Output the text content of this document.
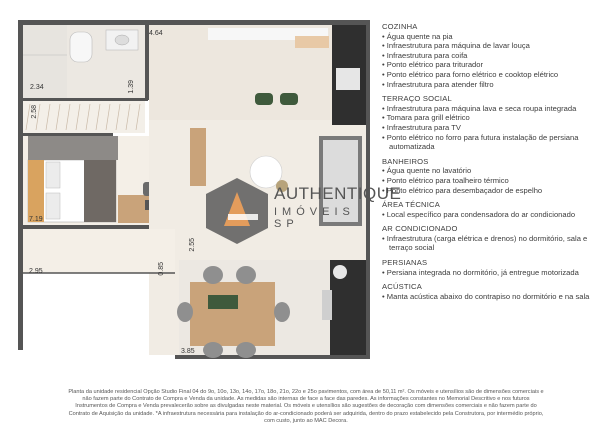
2.34
4.64
1.39
2.58
7.19
2.95	0.85
2.55
3.85
AUTHENTIQUE
IMÓVEIS SP
COZINHA
• Água quente na pia
• Infraestrutura para máquina de lavar louça
• Infraestrutura para coifa
• Ponto elétrico para triturador
• Ponto elétrico para forno elétrico e cooktop elétrico
• Infraestrutura para atender filtro
TERRAÇO SOCIAL
• Infraestrutura para máquina lava e seca roupa integrada
• Tomara para grill elétrico
• Infraestrutura para TV
• Ponto elétrico no forro para futura instalação de persiana automatizada
BANHEIROS
• Água quente no lavatório
• Ponto elétrico para toalheiro térmico
• Ponto elétrico para desembaçador de espelho
ÁREA TÉCNICA
• Local específico para condensadora do ar condicionado
AR CONDICIONADO
• Infraestrutura (carga elétrica e drenos) no dormitório, sala e terraço social
PERSIANAS
• Persiana integrada no dormitório, já entregue motorizada
ACÚSTICA
• Manta acústica abaixo do contrapiso no dormitório e na sala
Planta da unidade residencial Opção Studio Final 04 do 9o, 10o, 13o, 14o, 17o, 18o, 21o, 22o e 25o pavimentos, com área de 50,11 m². Os móveis e utensílios são de dimensões comerciais e
não fazem parte do Contrato de Compra e Venda da unidade. As medidas são internas de face a face das paredes. As informações constantes no Memorial Descritivo e nos futuros
Instrumentos de Compra e Venda prevalecerão sobre as divulgadas neste material. Os móveis e utensílios são sugestões de decoração com dimensões comerciais e não fazem parte do
Contrato de Aquisição da unidade. *A infraestrutura necessária para instalação do ar-condicionado poderá ser adquirida, dentro do prazo estabelecido pela Construtora, por intermédio próprio,
com custo, junto ao MAC Decora.
